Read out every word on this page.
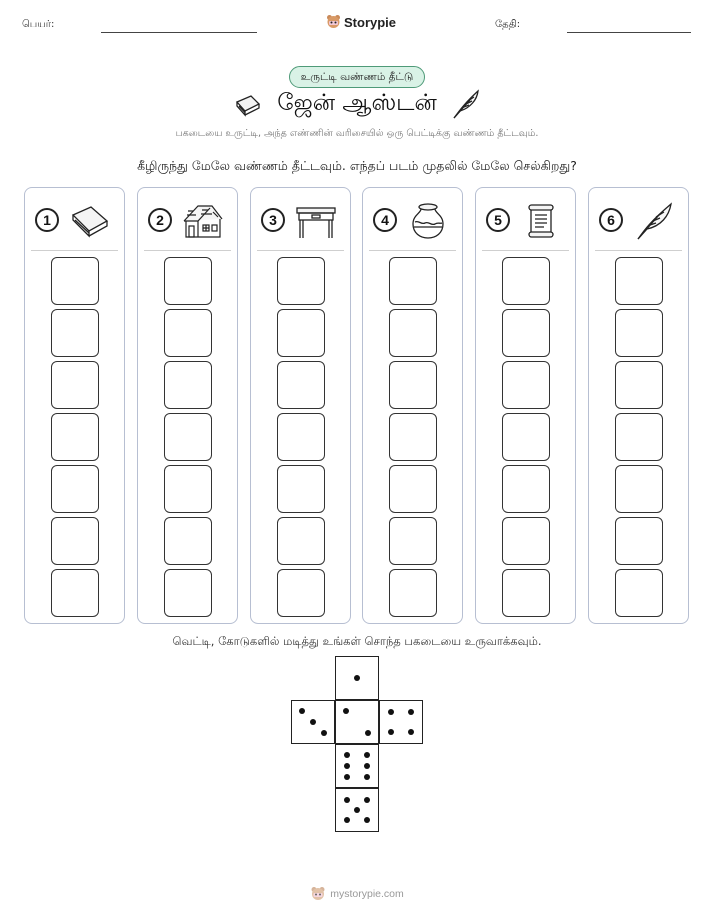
பெயர்:	Storypie	தேதி:
உருட்டி வண்ணம் தீட்டு
ஜேன் ஆஸ்டன்
பகடையை உருட்டி, அந்த எண்ணின் வரிசையில் ஒரு பெட்டிக்கு வண்ணம் தீட்டவும்.
கீழிருந்து மேலே வண்ணம் தீட்டவும். எந்தப் படம் முதலில் மேலே செல்கிறது?
1	2	3	4	5	6
வெட்டி, கோடுகளில் மடித்து உங்கள் சொந்த பகடையை உருவாக்கவும்.
mystorypie.com
